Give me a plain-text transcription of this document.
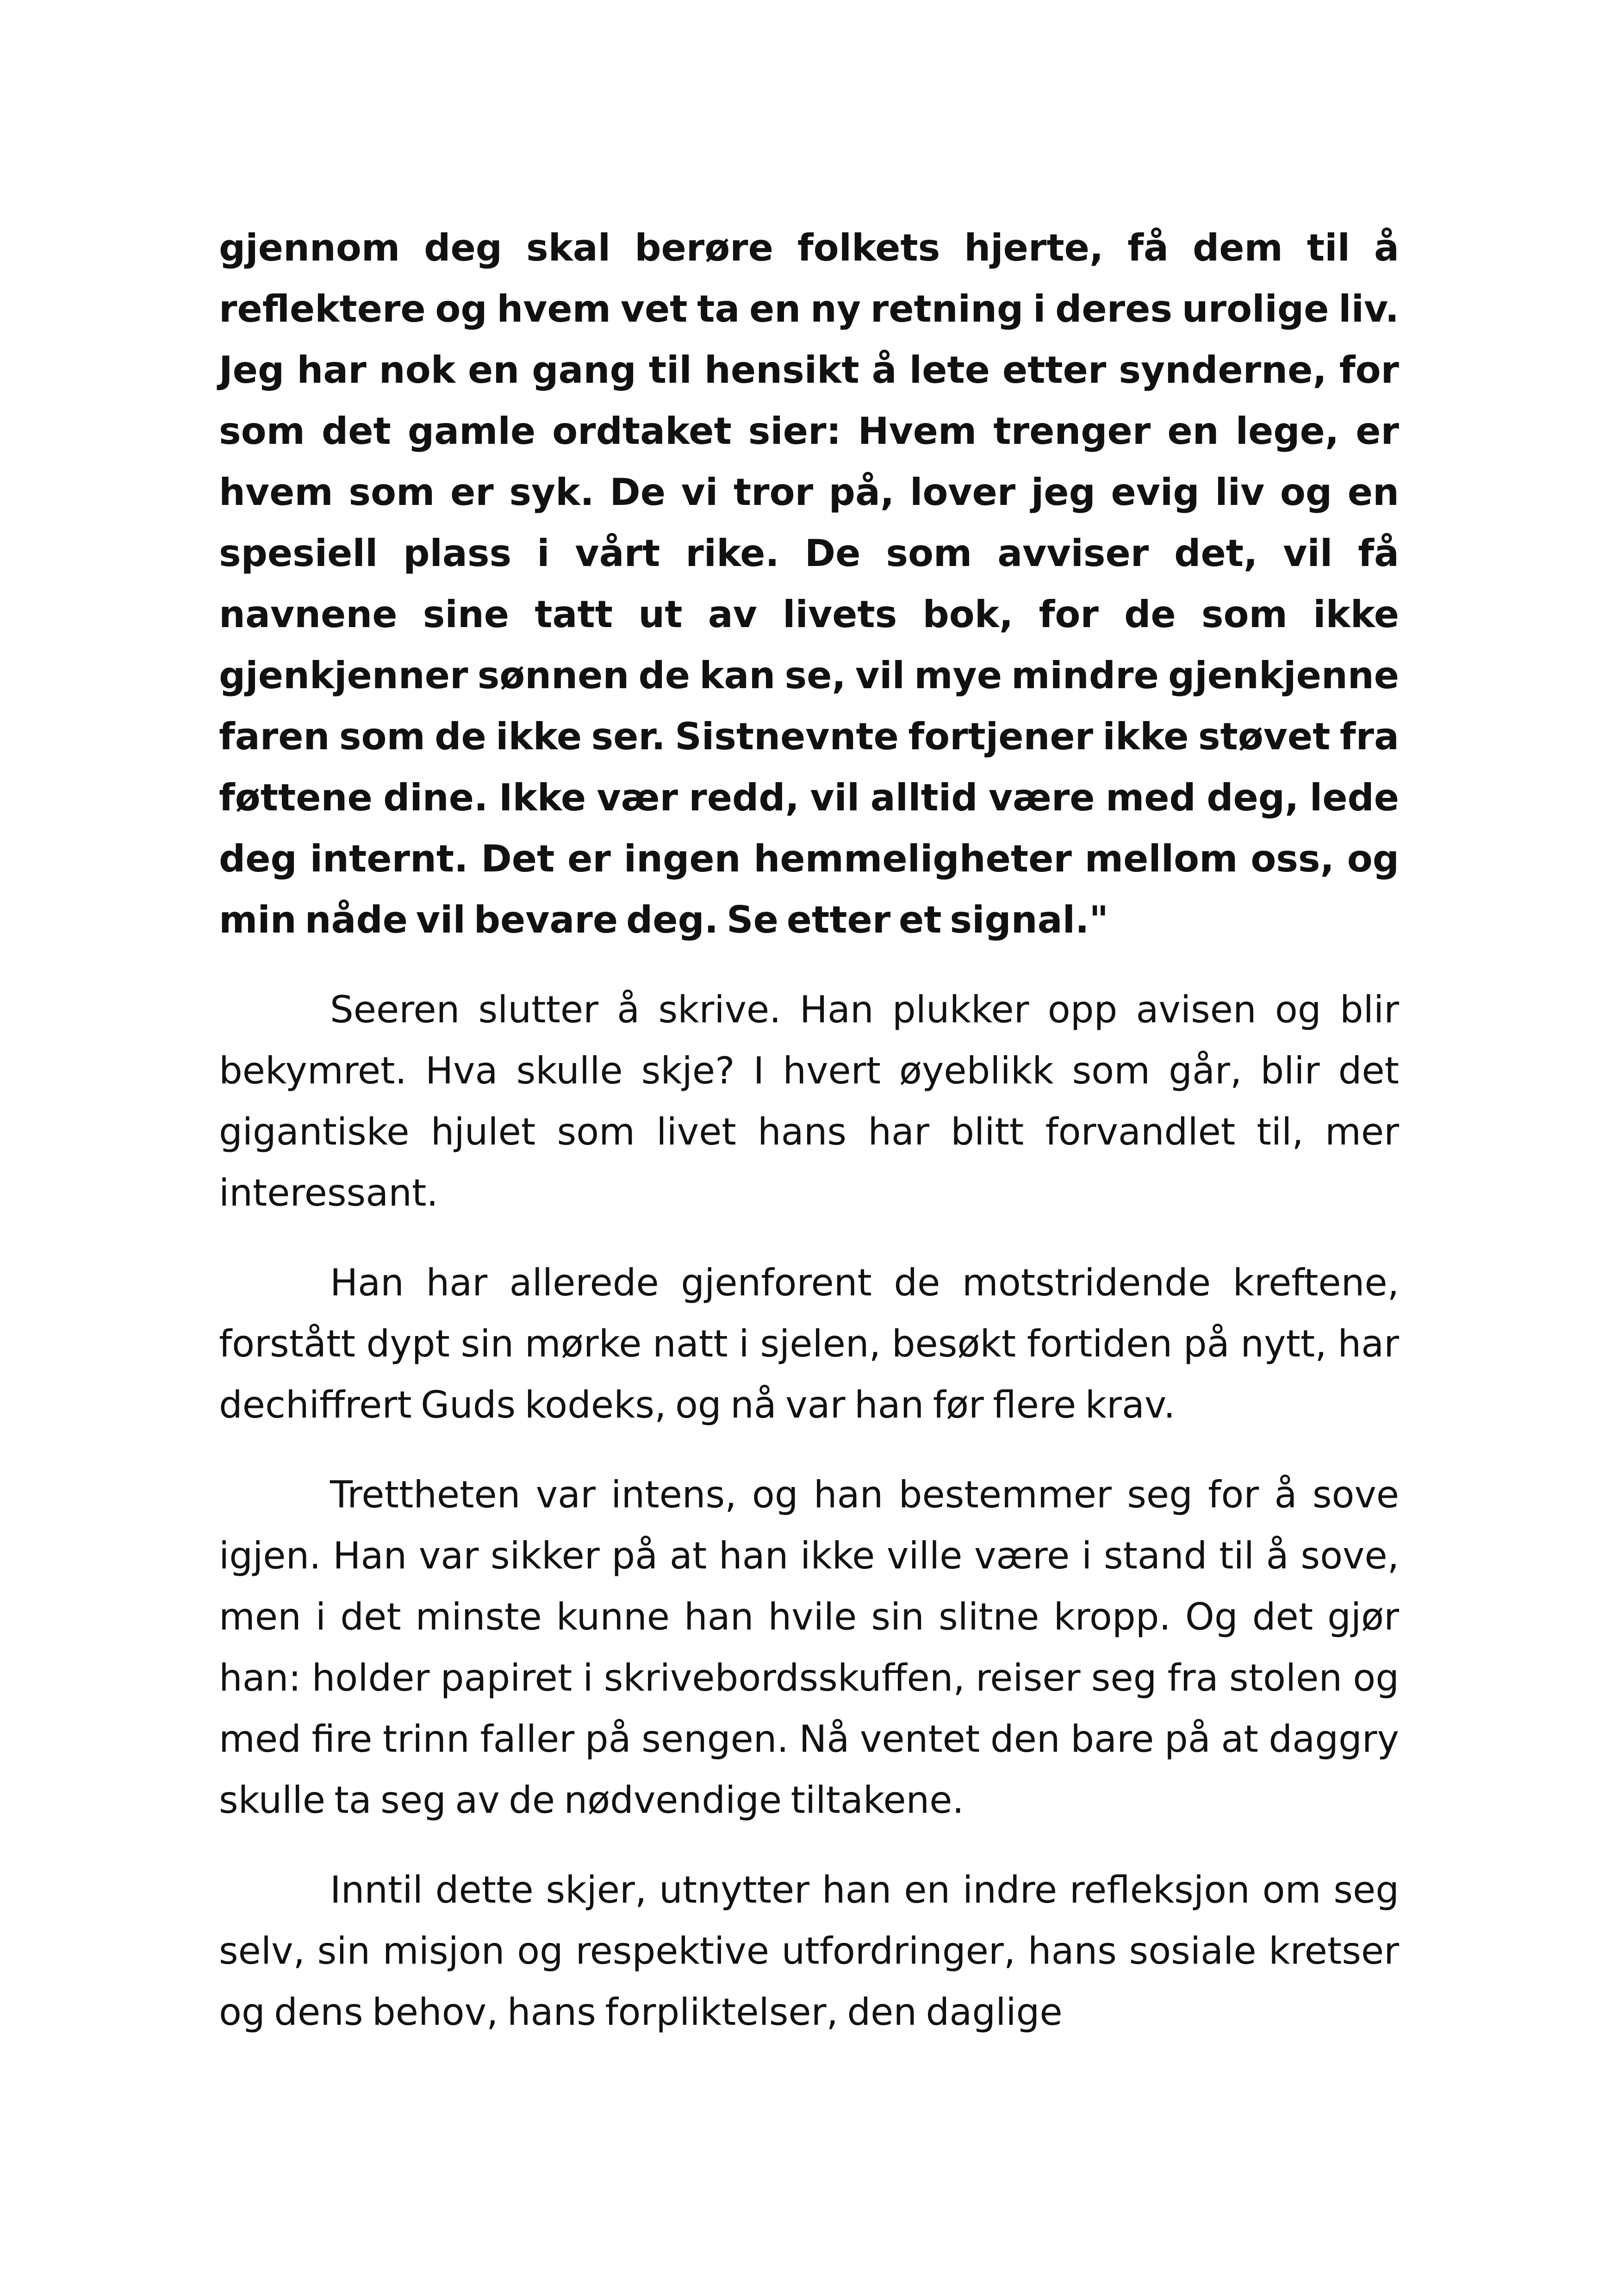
gjennom deg skal berøre folkets hjerte, få dem til å reflektere og hvem vet ta en ny retning i deres urolige liv. Jeg har nok en gang til hensikt å lete etter synderne, for som det gamle ordtaket sier: Hvem trenger en lege, er hvem som er syk. De vi tror på, lover jeg evig liv og en spesiell plass i vårt rike. De som avviser det, vil få navnene sine tatt ut av livets bok, for de som ikke gjenkjenner sønnen de kan se, vil mye mindre gjenkjenne faren som de ikke ser. Sistnevnte fortjener ikke støvet fra føttene dine. Ikke vær redd, vil alltid være med deg, lede deg internt. Det er ingen hemmeligheter mellom oss, og min nåde vil bevare deg. Se etter et signal."

Seeren slutter å skrive. Han plukker opp avisen og blir bekymret. Hva skulle skje? I hvert øyeblikk som går, blir det gigantiske hjulet som livet hans har blitt forvandlet til, mer interessant.

Han har allerede gjenforent de motstridende kreftene, forstått dypt sin mørke natt i sjelen, besøkt fortiden på nytt, har dechiffrert Guds kodeks, og nå var han før flere krav.

Trettheten var intens, og han bestemmer seg for å sove igjen. Han var sikker på at han ikke ville være i stand til å sove, men i det minste kunne han hvile sin slitne kropp. Og det gjør han: holder papiret i skrivebordsskuffen, reiser seg fra stolen og med fire trinn faller på sengen. Nå ventet den bare på at daggry skulle ta seg av de nødvendige tiltakene.

Inntil dette skjer, utnytter han en indre refleksjon om seg selv, sin misjon og respektive utfordringer, hans sosiale kretser og dens behov, hans forpliktelser, den daglige
